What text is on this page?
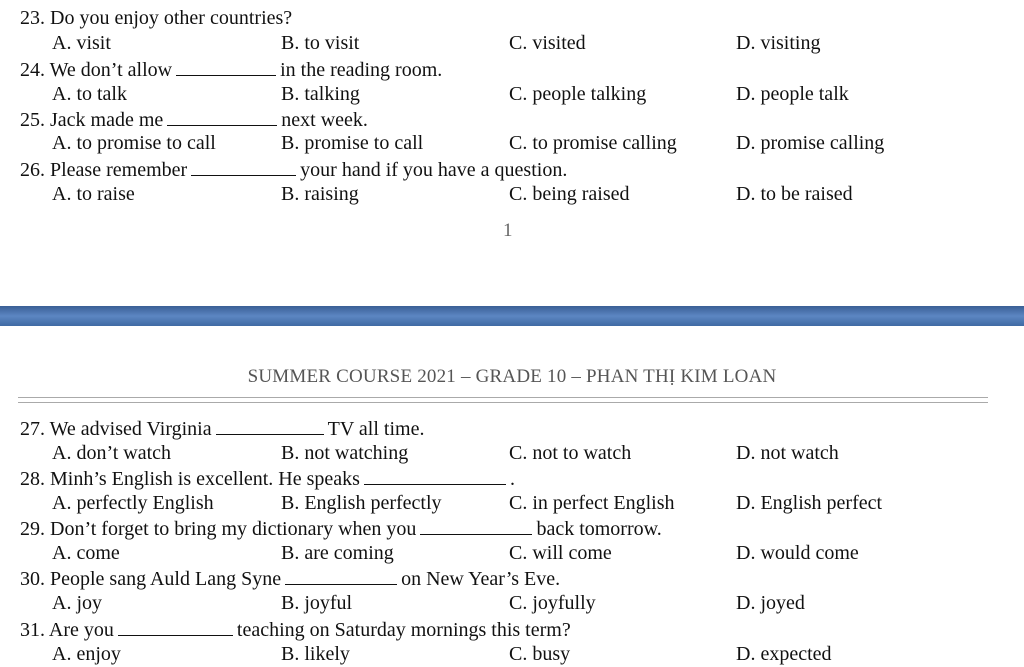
23. Do you enjoy other countries?
A. visit	B. to visit	C. visited	D. visiting
24. We don’t allow	in the reading room.
A. to talk	B. talking	C. people talking	D. people talk
25. Jack made me	next week.
A. to promise to call	B. promise to call	C. to promise calling	D. promise calling
26. Please remember	your hand if you have a question.
A. to raise	B. raising	C. being raised	D. to be raised
1
SUMMER COURSE 2021 – GRADE 10 – PHAN THỊ KIM LOAN
27. We advised Virginia	TV all time.
A. don’t watch	B. not watching	C. not to watch	D. not watch
28. Minh’s English is excellent. He speaks	.
A. perfectly English	B. English perfectly	C. in perfect English	D. English perfect
29. Don’t forget to bring my dictionary when you	back tomorrow.
A. come	B. are coming	C. will come	D. would come
30. People sang Auld Lang Syne	on New Year’s Eve.
A. joy	B. joyful	C. joyfully	D. joyed
31. Are you	teaching on Saturday mornings this term?
A. enjoy	B. likely	C. busy	D. expected
